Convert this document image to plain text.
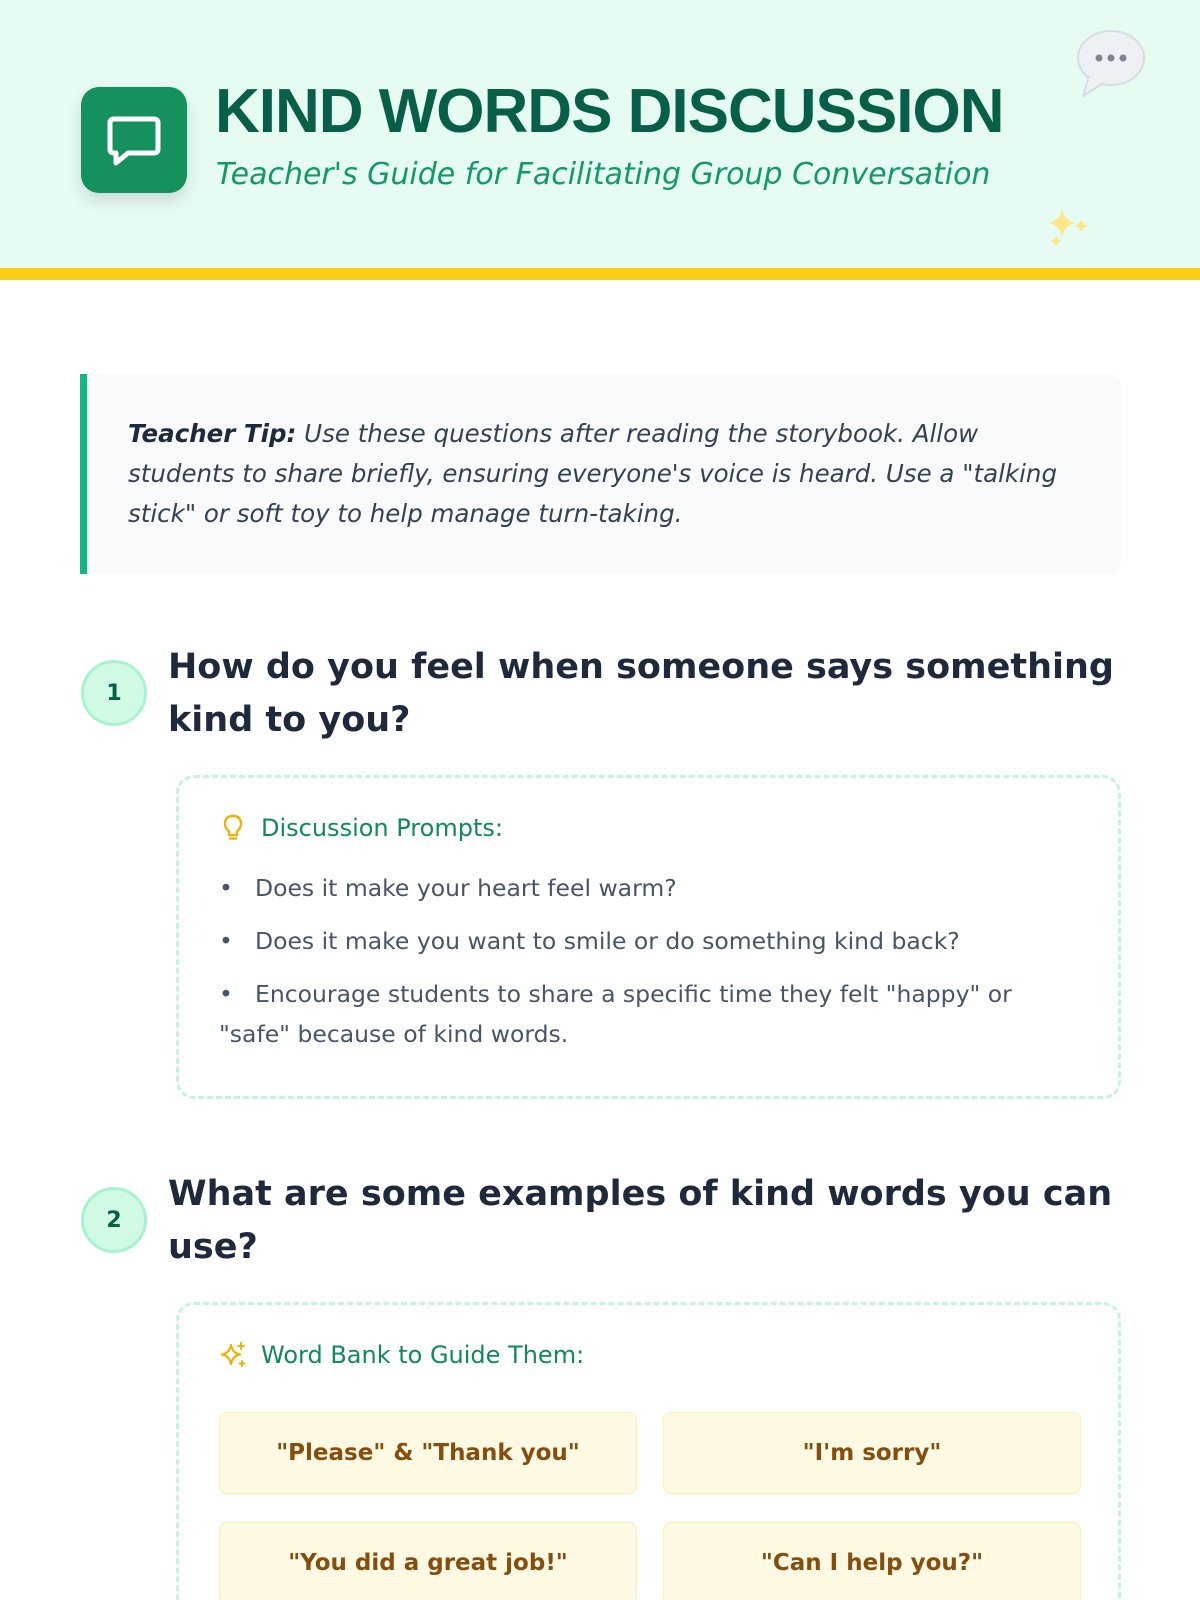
KIND WORDS DISCUSSION
Teacher's Guide for Facilitating Group Conversation

Teacher Tip: Use these questions after reading the storybook. Allow students to share briefly, ensuring everyone's voice is heard. Use a "talking stick" or soft toy to help manage turn-taking.

1
How do you feel when someone says something kind to you?
Discussion Prompts:
• Does it make your heart feel warm?
• Does it make you want to smile or do something kind back?
• Encourage students to share a specific time they felt "happy" or "safe" because of kind words.
2
What are some examples of kind words you can use?
Word Bank to Guide Them:
"Please" & "Thank you"	"I'm sorry"
"You did a great job!"	"Can I help you?"
